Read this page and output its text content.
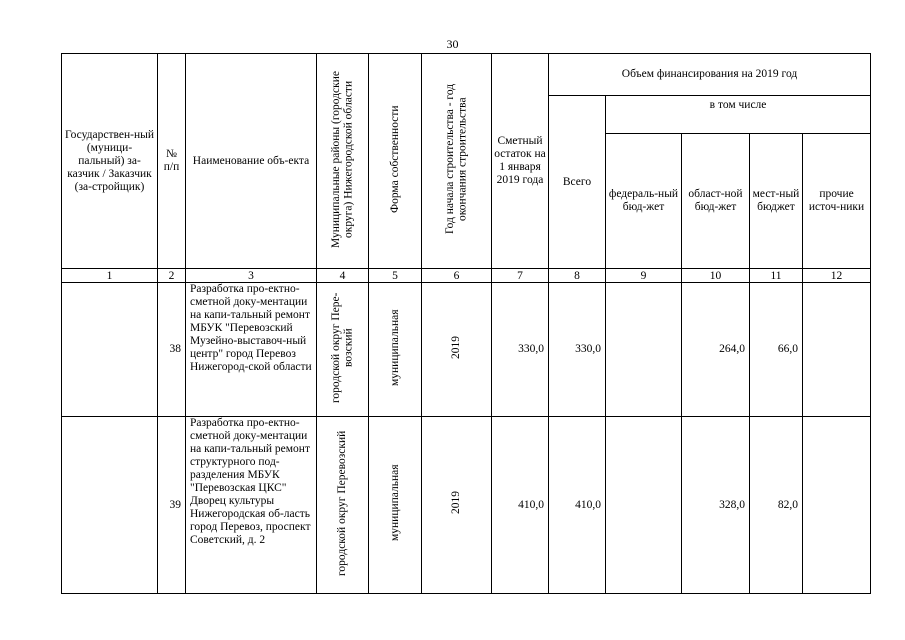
30
Государствен-ный (муници-пальный) за-казчик / Заказчик (за-стройщик)	№ п/п	Наименование объ-екта	Муниципальные районы (городские округа) Нижегородской области	Форма собственности	Год начала строительства - год окончания строительства	Сметный остаток на 1 января 2019 года	Объем финансирования на 2019 год				
							Всего	в том числе			
								федераль-ный бюд-жет	област-ной бюд-жет	мест-ный бюджет	прочие источ-ники
1	2	3	4	5	6	7	8	9	10	11	12
	38	Разработка про-ектно-сметной доку-ментации на капи-тальный ремонт МБУК "Перевозский Музейно-выставоч-ный центр" город Перевоз Нижегород-ской области	городской округ Пере-возский	муниципальная	2019	330,0	330,0		264,0	66,0	
	39	Разработка про-ектно-сметной доку-ментации на капи-тальный ремонт структурного под-разделения МБУК "Перевозская ЦКС" Дворец культуры Нижегородская об-ласть город Перевоз, проспект Советский, д. 2	городской округ Перевозский	муниципальная	2019	410,0	410,0		328,0	82,0	
